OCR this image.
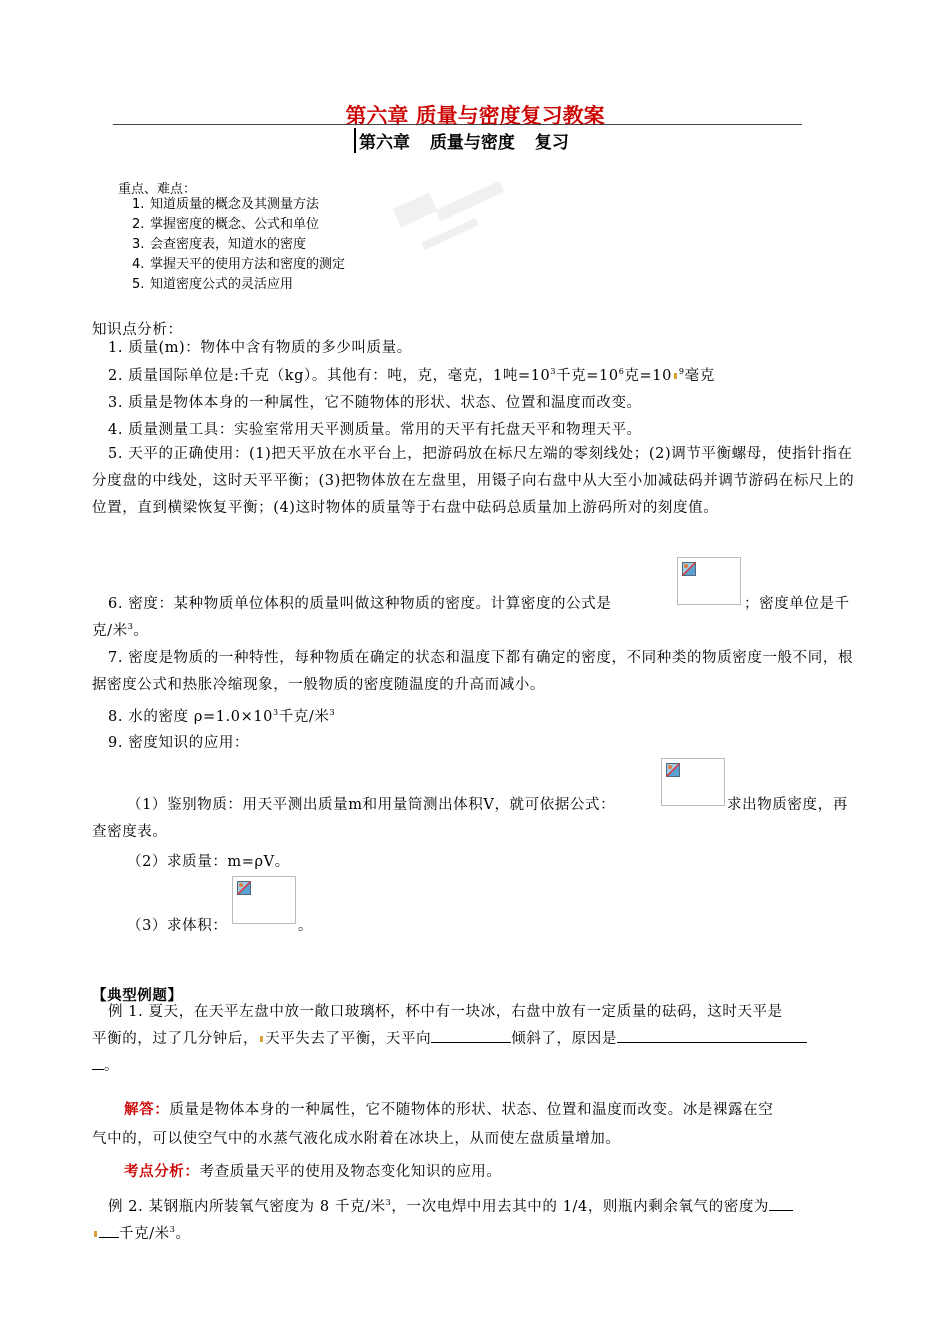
第六章 质量与密度复习教案
第六章 质量与密度 复习
重点、难点：
1. 知道质量的概念及其测量方法
2. 掌握密度的概念、公式和单位
3. 会查密度表，知道水的密度
4. 掌握天平的使用方法和密度的测定
5. 知道密度公式的灵活应用
知识点分析：
1. 质量(m)：物体中含有物质的多少叫质量。
2. 质量国际单位是:千克（kg）。其他有：吨，克，毫克，1吨$=10^3$千克$=10^6$克=10 $^9$毫克
3. 质量是物体本身的一种属性，它不随物体的形状、状态、位置和温度而改变。
4. 质量测量工具：实验室常用天平测质量。常用的天平有托盘天平和物理天平。
5. 天平的正确使用：(1)把天平放在水平台上，把游码放在标尺左端的零刻线处；(2)调节平衡螺母，使指针指在分度盘的中线处，这时天平平衡；(3)把物体放在左盘里，用镊子向右盘中从大至小加减砝码并调节游码在标尺上的位置，直到横梁恢复平衡；(4)这时物体的质量等于右盘中砝码总质量加上游码所对的刻度值。
6. 密度：某种物质单位体积的质量叫做这种物质的密度。计算密度的公式是	；密度单位是千
克/米$^3$。
7. 密度是物质的一种特性，每种物质在确定的状态和温度下都有确定的密度，不同种类的物质密度一般不同，根据密度公式和热胀冷缩现象，一般物质的密度随温度的升高而减小。
8. 水的密度 $\rho=1.0\times 10^3$千克/米$^3$
9. 密度知识的应用：
（1）鉴别物质：用天平测出质量m和用量筒测出体积V，就可依据公式：	求出物质密度，再
查密度表。
（2）求质量：m=ρV。
（3）求体积：	。
【典型例题】
例 1. 夏天，在天平左盘中放一敞口玻璃杯，杯中有一块冰，右盘中放有一定质量的砝码，这时天平是
平衡的，过了几分钟后， 天平失去了平衡，天平向	倾斜了，原因是
。
解答：质量是物体本身的一种属性，它不随物体的形状、状态、位置和温度而改变。冰是裸露在空
气中的，可以使空气中的水蒸气液化成水附着在冰块上，从而使左盘质量增加。
考点分析：考查质量天平的使用及物态变化知识的应用。
例 2. 某钢瓶内所装氧气密度为 8 千克/米$^3$，一次电焊中用去其中的 1/4，则瓶内剩余氧气的密度为
千克/米$^3$。
